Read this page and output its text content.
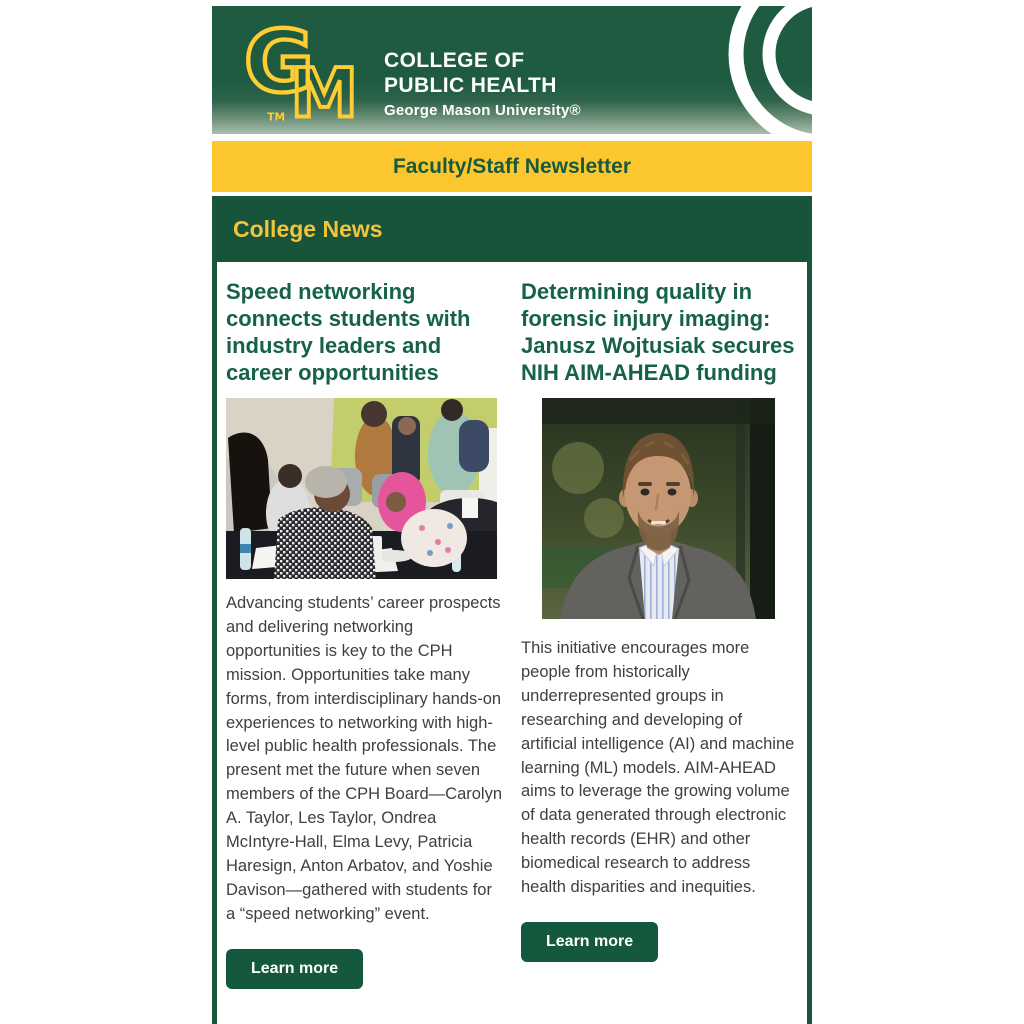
G
M
TM
COLLEGE OF
PUBLIC HEALTH
George Mason University®
Faculty/Staff Newsletter
College News
Speed networking connects students with industry leaders and career opportunities

Advancing students’ career prospects and delivering networking opportunities is key to the CPH mission. Opportunities take many forms, from interdisciplinary hands-on experiences to networking with high-level public health professionals. The present met the future when seven members of the CPH Board—Carolyn A. Taylor, Les Taylor, Ondrea McIntyre-Hall, Elma Levy, Patricia Haresign, Anton Arbatov, and Yoshie Davison—gathered with students for a “speed networking” event.

Learn more
Determining quality in forensic injury imaging: Janusz Wojtusiak secures NIH AIM-AHEAD funding

This initiative encourages more people from historically underrepresented groups in researching and developing of artificial intelligence (AI) and machine learning (ML) models. AIM-AHEAD aims to leverage the growing volume of data generated through electronic health records (EHR) and other biomedical research to address health disparities and inequities.

Learn more
